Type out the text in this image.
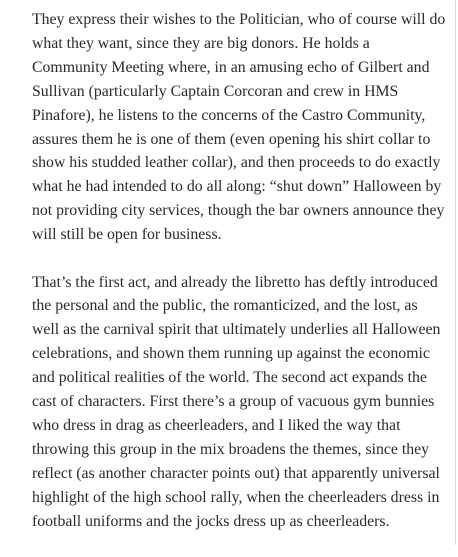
They express their wishes to the Politician, who of course will do what they want, since they are big donors. He holds a Community Meeting where, in an amusing echo of Gilbert and Sullivan (particularly Captain Corcoran and crew in HMS Pinafore), he listens to the concerns of the Castro Community, assures them he is one of them (even opening his shirt collar to show his studded leather collar), and then proceeds to do exactly what he had intended to do all along: “shut down” Halloween by not providing city services, though the bar owners announce they will still be open for business.

That’s the first act, and already the libretto has deftly introduced the personal and the public, the romanticized, and the lost, as well as the carnival spirit that ultimately underlies all Halloween celebrations, and shown them running up against the economic and political realities of the world. The second act expands the cast of characters. First there’s a group of vacuous gym bunnies who dress in drag as cheerleaders, and I liked the way that throwing this group in the mix broadens the themes, since they reflect (as another character points out) that apparently universal highlight of the high school rally, when the cheerleaders dress in football uniforms and the jocks dress up as cheerleaders.
